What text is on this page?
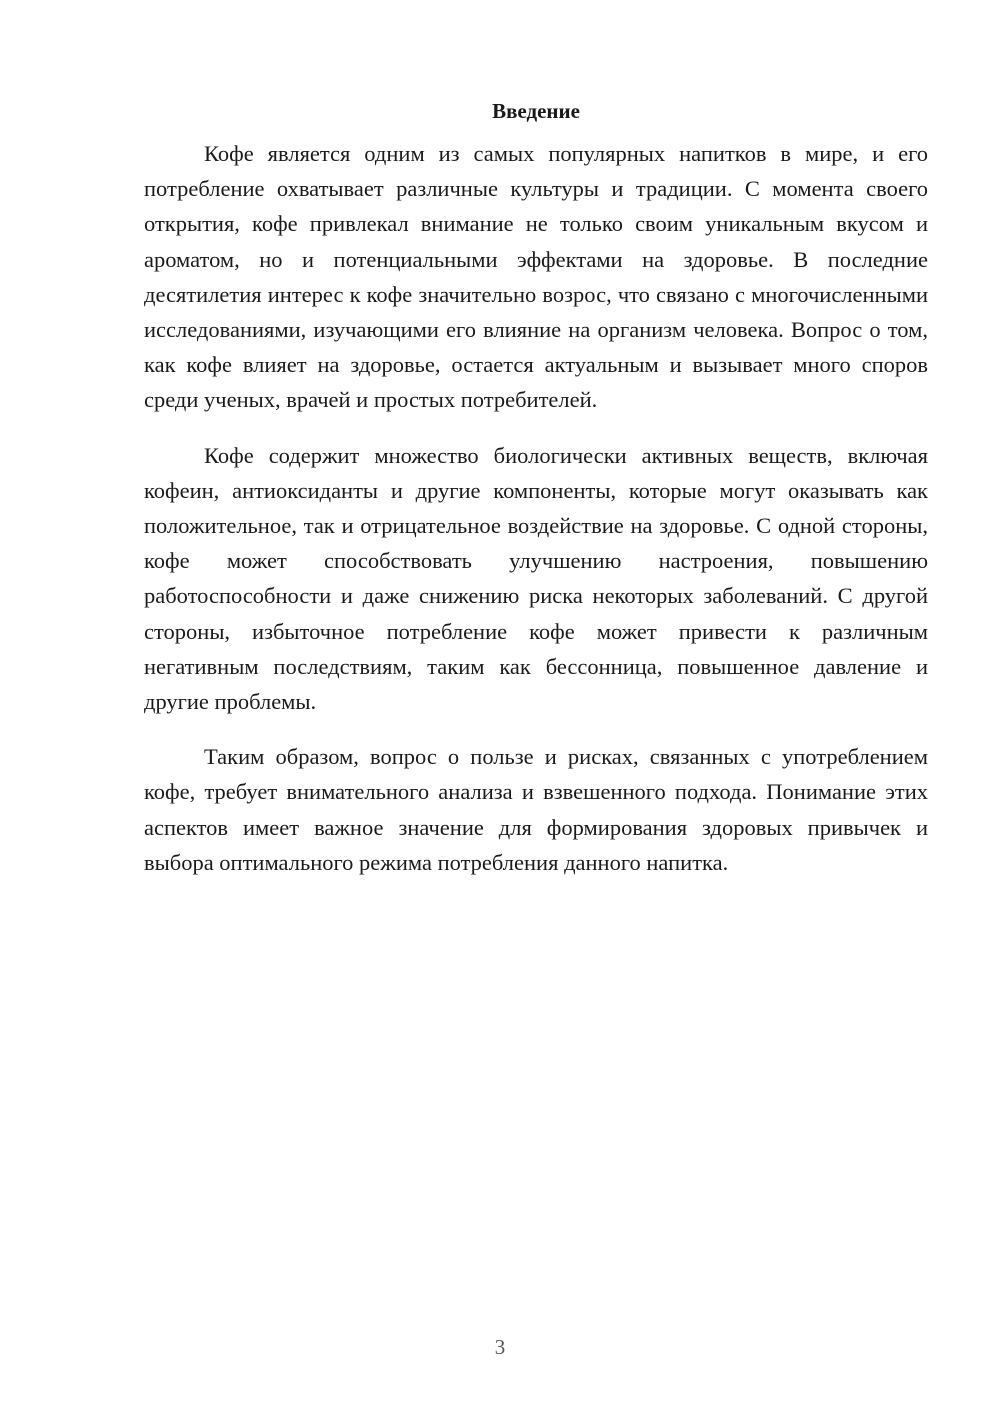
Введение

Кофе является одним из самых популярных напитков в мире, и его потребление охватывает различные культуры и традиции. С момента своего открытия, кофе привлекал внимание не только своим уникальным вкусом и ароматом, но и потенциальными эффектами на здоровье. В последние десятилетия интерес к кофе значительно возрос, что связано с многочисленными исследованиями, изучающими его влияние на организм человека. Вопрос о том, как кофе влияет на здоровье, остается актуальным и вызывает много споров среди ученых, врачей и простых потребителей.

Кофе содержит множество биологически активных веществ, включая кофеин, антиоксиданты и другие компоненты, которые могут оказывать как положительное, так и отрицательное воздействие на здоровье. С одной стороны, кофе может способствовать улучшению настроения, повышению работоспособности и даже снижению риска некоторых заболеваний. С другой стороны, избыточное потребление кофе может привести к различным негативным последствиям, таким как бессонница, повышенное давление и другие проблемы.

Таким образом, вопрос о пользе и рисках, связанных с употреблением кофе, требует внимательного анализа и взвешенного подхода. Понимание этих аспектов имеет важное значение для формирования здоровых привычек и выбора оптимального режима потребления данного напитка.

3
